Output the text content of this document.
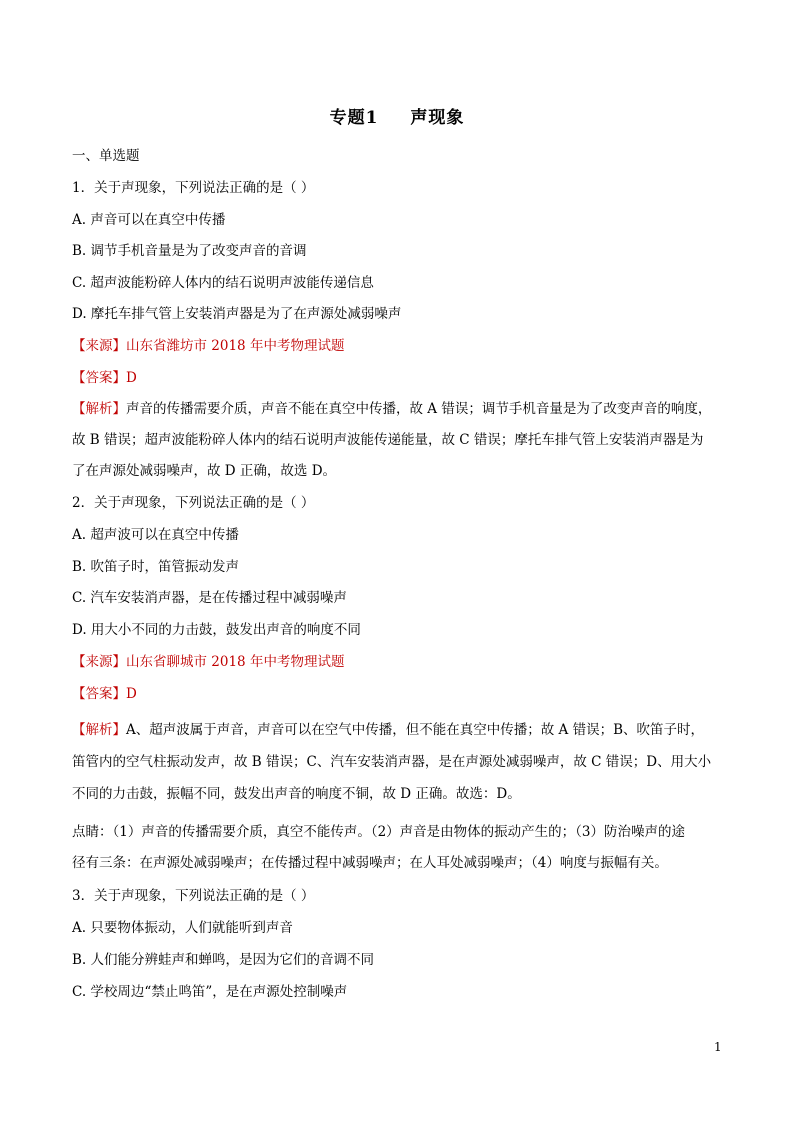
专题1 声现象
一、单选题
1．关于声现象，下列说法正确的是（ ）
A. 声音可以在真空中传播
B. 调节手机音量是为了改变声音的音调
C. 超声波能粉碎人体内的结石说明声波能传递信息
D. 摩托车排气管上安装消声器是为了在声源处减弱噪声
【来源】山东省潍坊市 2018 年中考物理试题
【答案】D
【解析】声音的传播需要介质，声音不能在真空中传播，故 A 错误；调节手机音量是为了改变声音的响度，
故 B 错误；超声波能粉碎人体内的结石说明声波能传递能量，故 C 错误；摩托车排气管上安装消声器是为
了在声源处减弱噪声，故 D 正确，故选 D。
2．关于声现象，下列说法正确的是（ ）
A. 超声波可以在真空中传播
B. 吹笛子时，笛管振动发声
C. 汽车安装消声器，是在传播过程中减弱噪声
D. 用大小不同的力击鼓，鼓发出声音的响度不同
【来源】山东省聊城市 2018 年中考物理试题
【答案】D
【解析】A、超声波属于声音，声音可以在空气中传播，但不能在真空中传播；故 A 错误；B、吹笛子时，
笛管内的空气柱振动发声，故 B 错误；C、汽车安装消声器，是在声源处减弱噪声，故 C 错误；D、用大小
不同的力击鼓，振幅不同，鼓发出声音的响度不铜，故 D 正确。故选：D。
点睛：（1）声音的传播需要介质，真空不能传声。（2）声音是由物体的振动产生的；（3）防治噪声的途
径有三条：在声源处减弱噪声；在传播过程中减弱噪声；在人耳处减弱噪声；（4）响度与振幅有关。
3．关于声现象，下列说法正确的是（ ）
A. 只要物体振动，人们就能听到声音
B. 人们能分辨蛙声和蝉鸣，是因为它们的音调不同
C. 学校周边“禁止鸣笛”，是在声源处控制噪声
1
